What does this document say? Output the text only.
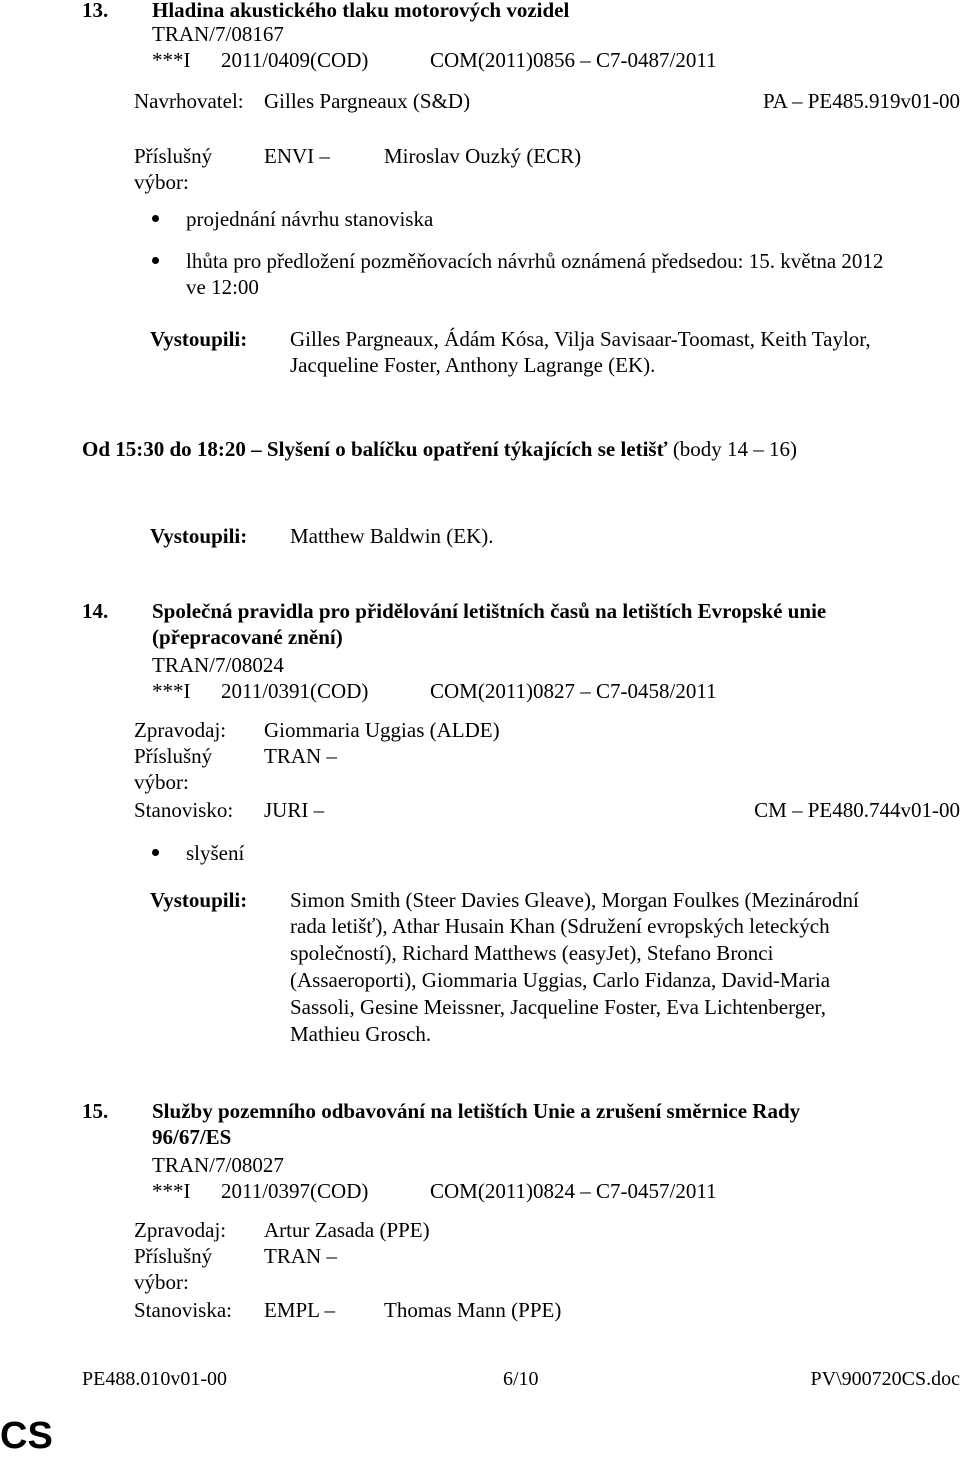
13. Hladina akustického tlaku motorových vozidel
TRAN/7/08167
***I 2011/0409(COD)	COM(2011)0856 – C7-0487/2011
Navrhovatel: Gilles Pargneaux (S&D)	PA – PE485.919v01-00
Příslušný
výbor:
ENVI –	Miroslav Ouzký (ECR)
projednání návrhu stanoviska
lhůta pro předložení pozměňovacích návrhů oznámená předsedou: 15. května 2012
ve 12:00
Vystoupili: Gilles Pargneaux, Ádám Kósa, Vilja Savisaar-Toomast, Keith Taylor,
Jacqueline Foster, Anthony Lagrange (EK).
Od 15:30 do 18:20 – Slyšení o balíčku opatření týkajících se letišť (body 14 – 16)
Vystoupili: Matthew Baldwin (EK).
14. Společná pravidla pro přidělování letištních časů na letištích Evropské unie
(přepracované znění)
TRAN/7/08024
***I 2011/0391(COD)	COM(2011)0827 – C7-0458/2011
Zpravodaj: Giommaria Uggias (ALDE)
Příslušný TRAN –
výbor:
Stanovisko: JURI –	CM – PE480.744v01-00
slyšení
Vystoupili: Simon Smith (Steer Davies Gleave), Morgan Foulkes (Mezinárodní
rada letišť), Athar Husain Khan (Sdružení evropských leteckých
společností), Richard Matthews (easyJet), Stefano Bronci
(Assaeroporti), Giommaria Uggias, Carlo Fidanza, David-Maria
Sassoli, Gesine Meissner, Jacqueline Foster, Eva Lichtenberger,
Mathieu Grosch.
15. Služby pozemního odbavování na letištích Unie a zrušení směrnice Rady
96/67/ES
TRAN/7/08027
***I 2011/0397(COD)	COM(2011)0824 – C7-0457/2011
Zpravodaj: Artur Zasada (PPE)
Příslušný TRAN –
výbor:
Stanoviska: EMPL – Thomas Mann (PPE)
PE488.010v01-00	6/10	PV\900720CS.doc
CS
